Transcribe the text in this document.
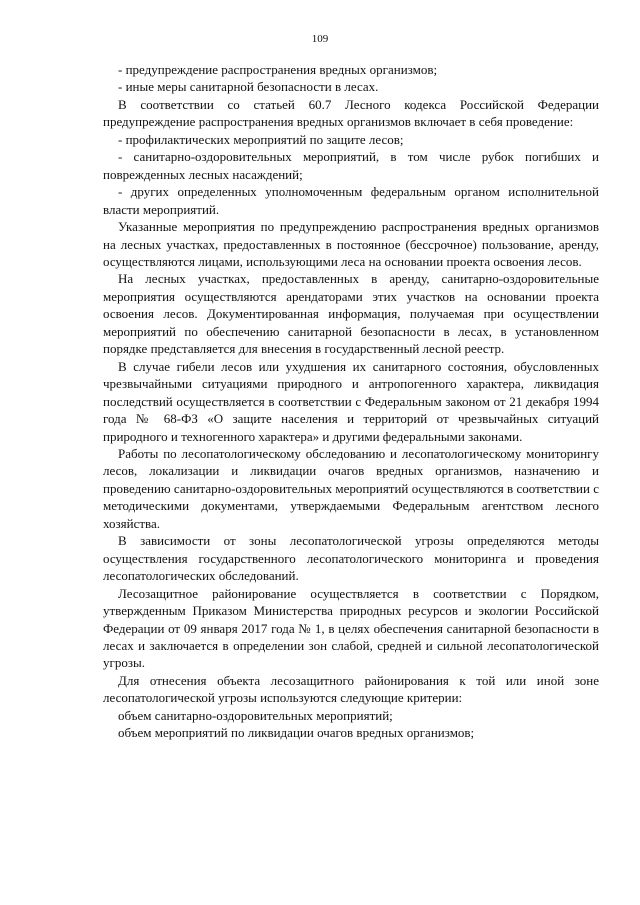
109

- предупреждение распространения вредных организмов;

- иные меры санитарной безопасности в лесах.

В соответствии со статьей 60.7 Лесного кодекса Российской Федерации предупреждение распространения вредных организмов включает в себя проведение:

- профилактических мероприятий по защите лесов;

- санитарно-оздоровительных мероприятий, в том числе рубок погибших и поврежденных лесных насаждений;

- других определенных уполномоченным федеральным органом исполнительной власти мероприятий.

Указанные мероприятия по предупреждению распространения вредных организмов на лесных участках, предоставленных в постоянное (бессрочное) пользование, аренду, осуществляются лицами, использующими леса на основании проекта освоения лесов.

На лесных участках, предоставленных в аренду, санитарно-оздоровительные мероприятия осуществляются арендаторами этих участков на основании проекта освоения лесов. Документированная информация, получаемая при осуществлении мероприятий по обеспечению санитарной безопасности в лесах, в установленном порядке представляется для внесения в государственный лесной реестр.

В случае гибели лесов или ухудшения их санитарного состояния, обусловленных чрезвычайными ситуациями природного и антропогенного характера, ликвидация последствий осуществляется в соответствии с Федеральным законом от 21 декабря 1994 года № 68-ФЗ «О защите населения и территорий от чрезвычайных ситуаций природного и техногенного характера» и другими федеральными законами.

Работы по лесопатологическому обследованию и лесопатологическому мониторингу лесов, локализации и ликвидации очагов вредных организмов, назначению и проведению санитарно-оздоровительных мероприятий осуществляются в соответствии с методическими документами, утверждаемыми Федеральным агентством лесного хозяйства.

В зависимости от зоны лесопатологической угрозы определяются методы осуществления государственного лесопатологического мониторинга и проведения лесопатологических обследований.

Лесозащитное районирование осуществляется в соответствии с Порядком, утвержденным Приказом Министерства природных ресурсов и экологии Российской Федерации от 09 января 2017 года № 1, в целях обеспечения санитарной безопасности в лесах и заключается в определении зон слабой, средней и сильной лесопатологической угрозы.

Для отнесения объекта лесозащитного районирования к той или иной зоне лесопатологической угрозы используются следующие критерии:

объем санитарно-оздоровительных мероприятий;

объем мероприятий по ликвидации очагов вредных организмов;
